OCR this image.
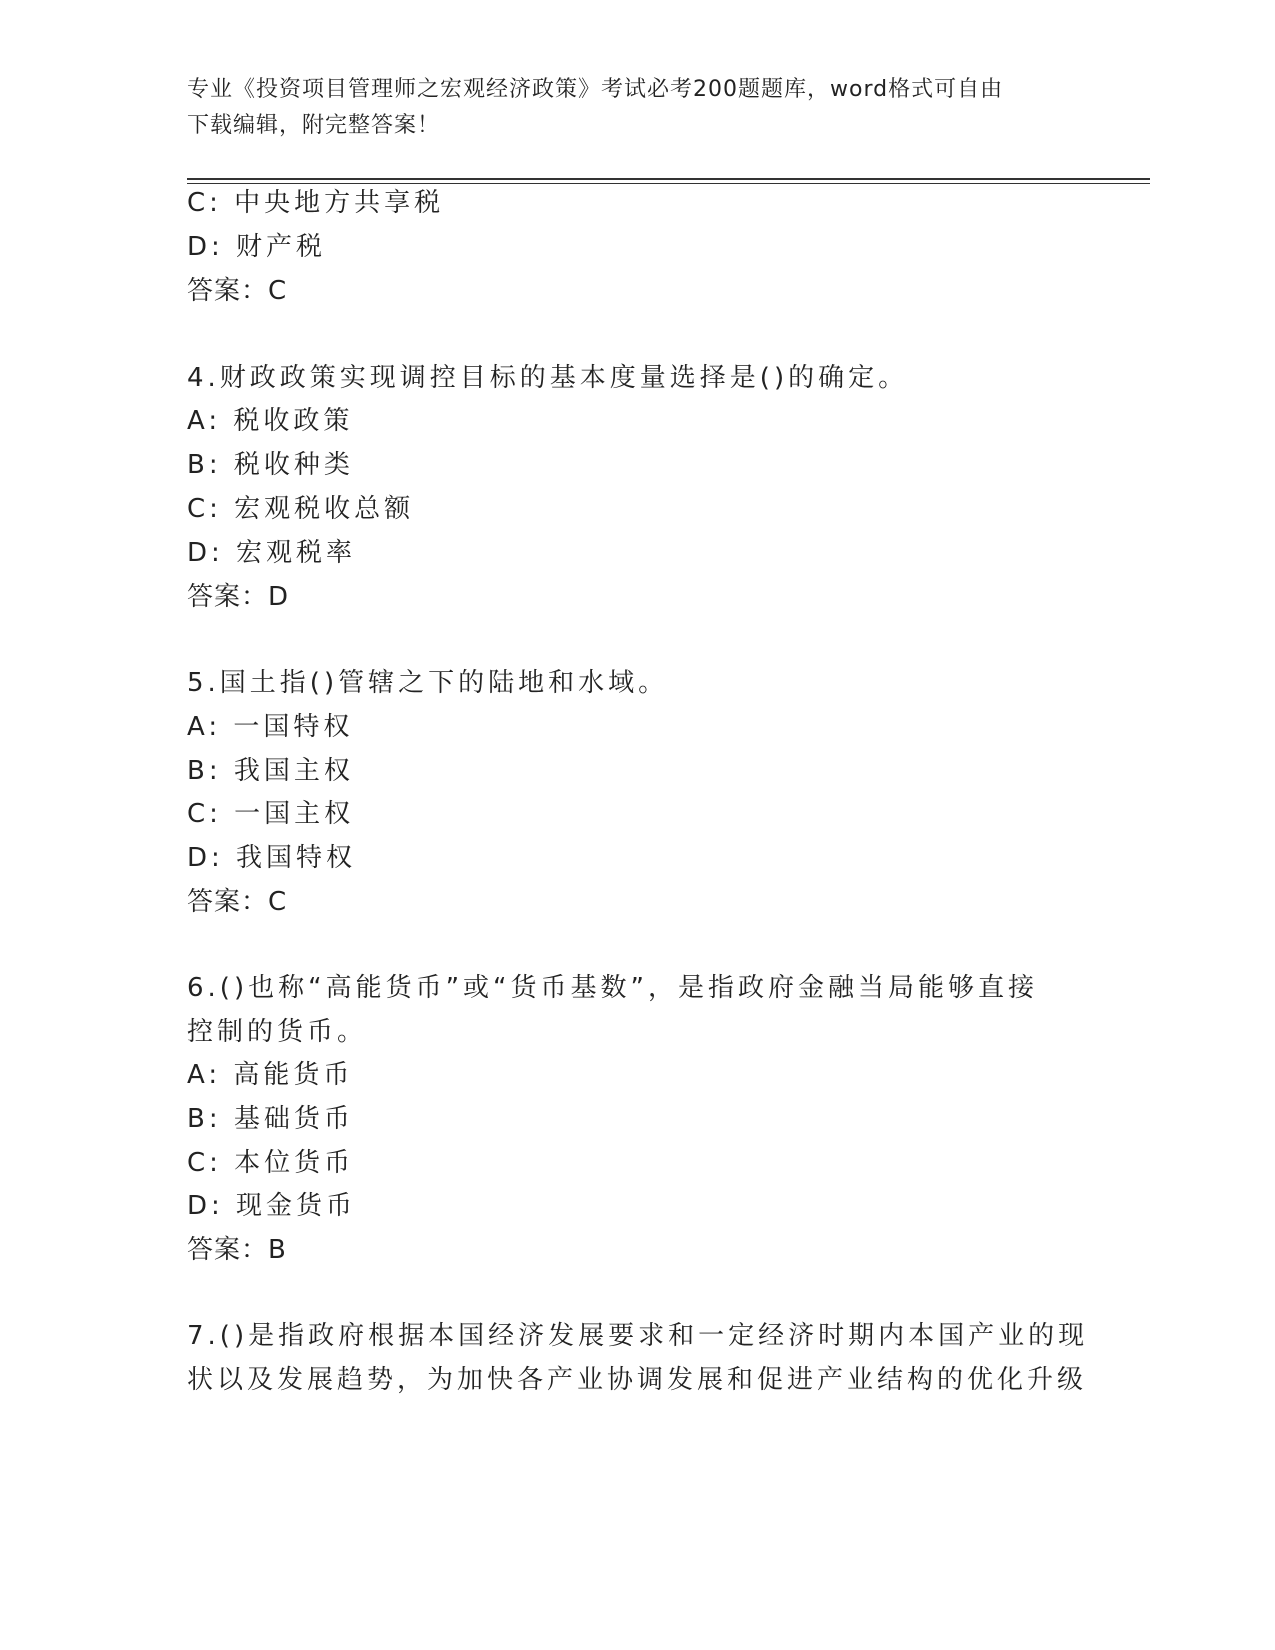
专业《投资项目管理师之宏观经济政策》考试必考200题题库，word格式可自由
下载编辑，附完整答案！
C: 中央地方共享税
D: 财产税
答案：C
4.财政政策实现调控目标的基本度量选择是()的确定。
A: 税收政策
B: 税收种类
C: 宏观税收总额
D: 宏观税率
答案：D
5.国土指()管辖之下的陆地和水域。
A: 一国特权
B: 我国主权
C: 一国主权
D: 我国特权
答案：C
6.()也称“高能货币”或“货币基数”，是指政府金融当局能够直接
控制的货币。
A: 高能货币
B: 基础货币
C: 本位货币
D: 现金货币
答案：B
7.()是指政府根据本国经济发展要求和一定经济时期内本国产业的现
状以及发展趋势，为加快各产业协调发展和促进产业结构的优化升级
